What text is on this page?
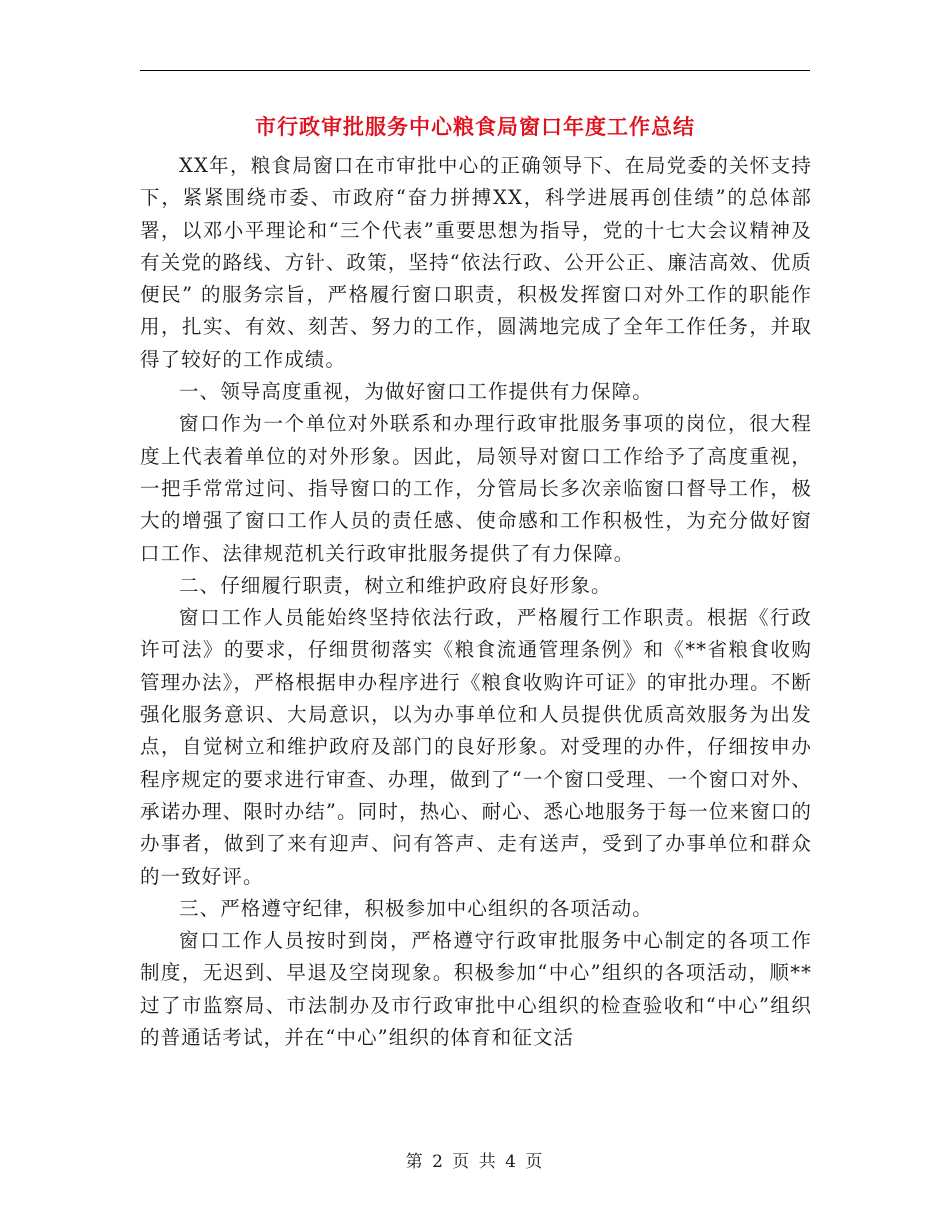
市行政审批服务中心粮食局窗口年度工作总结

XX年，粮食局窗口在市审批中心的正确领导下、在局党委的关怀支持下，紧紧围绕市委、市政府“奋力拼搏XX，科学进展再创佳绩”的总体部署，以邓小平理论和“三个代表”重要思想为指导，党的十七大会议精神及有关党的路线、方针、政策，坚持“依法行政、公开公正、廉洁高效、优质便民” 的服务宗旨，严格履行窗口职责，积极发挥窗口对外工作的职能作用，扎实、有效、刻苦、努力的工作，圆满地完成了全年工作任务，并取得了较好的工作成绩。

一、领导高度重视，为做好窗口工作提供有力保障。

窗口作为一个单位对外联系和办理行政审批服务事项的岗位，很大程度上代表着单位的对外形象。因此，局领导对窗口工作给予了高度重视，一把手常常过问、指导窗口的工作，分管局长多次亲临窗口督导工作，极大的增强了窗口工作人员的责任感、使命感和工作积极性，为充分做好窗口工作、法律规范机关行政审批服务提供了有力保障。

二、仔细履行职责，树立和维护政府良好形象。

窗口工作人员能始终坚持依法行政，严格履行工作职责。根据《行政许可法》的要求，仔细贯彻落实《粮食流通管理条例》和《**省粮食收购管理办法》，严格根据申办程序进行《粮食收购许可证》的审批办理。不断强化服务意识、大局意识，以为办事单位和人员提供优质高效服务为出发点，自觉树立和维护政府及部门的良好形象。对受理的办件，仔细按申办程序规定的要求进行审查、办理，做到了“一个窗口受理、一个窗口对外、承诺办理、限时办结”。同时，热心、耐心、悉心地服务于每一位来窗口的办事者，做到了来有迎声、问有答声、走有送声，受到了办事单位和群众的一致好评。

三、严格遵守纪律，积极参加中心组织的各项活动。

窗口工作人员按时到岗，严格遵守行政审批服务中心制定的各项工作制度，无迟到、早退及空岗现象。积极参加“中心”组织的各项活动，顺**过了市监察局、市法制办及市行政审批中心组织的检查验收和“中心”组织的普通话考试，并在“中心”组织的体育和征文活

第 2 页 共 4 页
